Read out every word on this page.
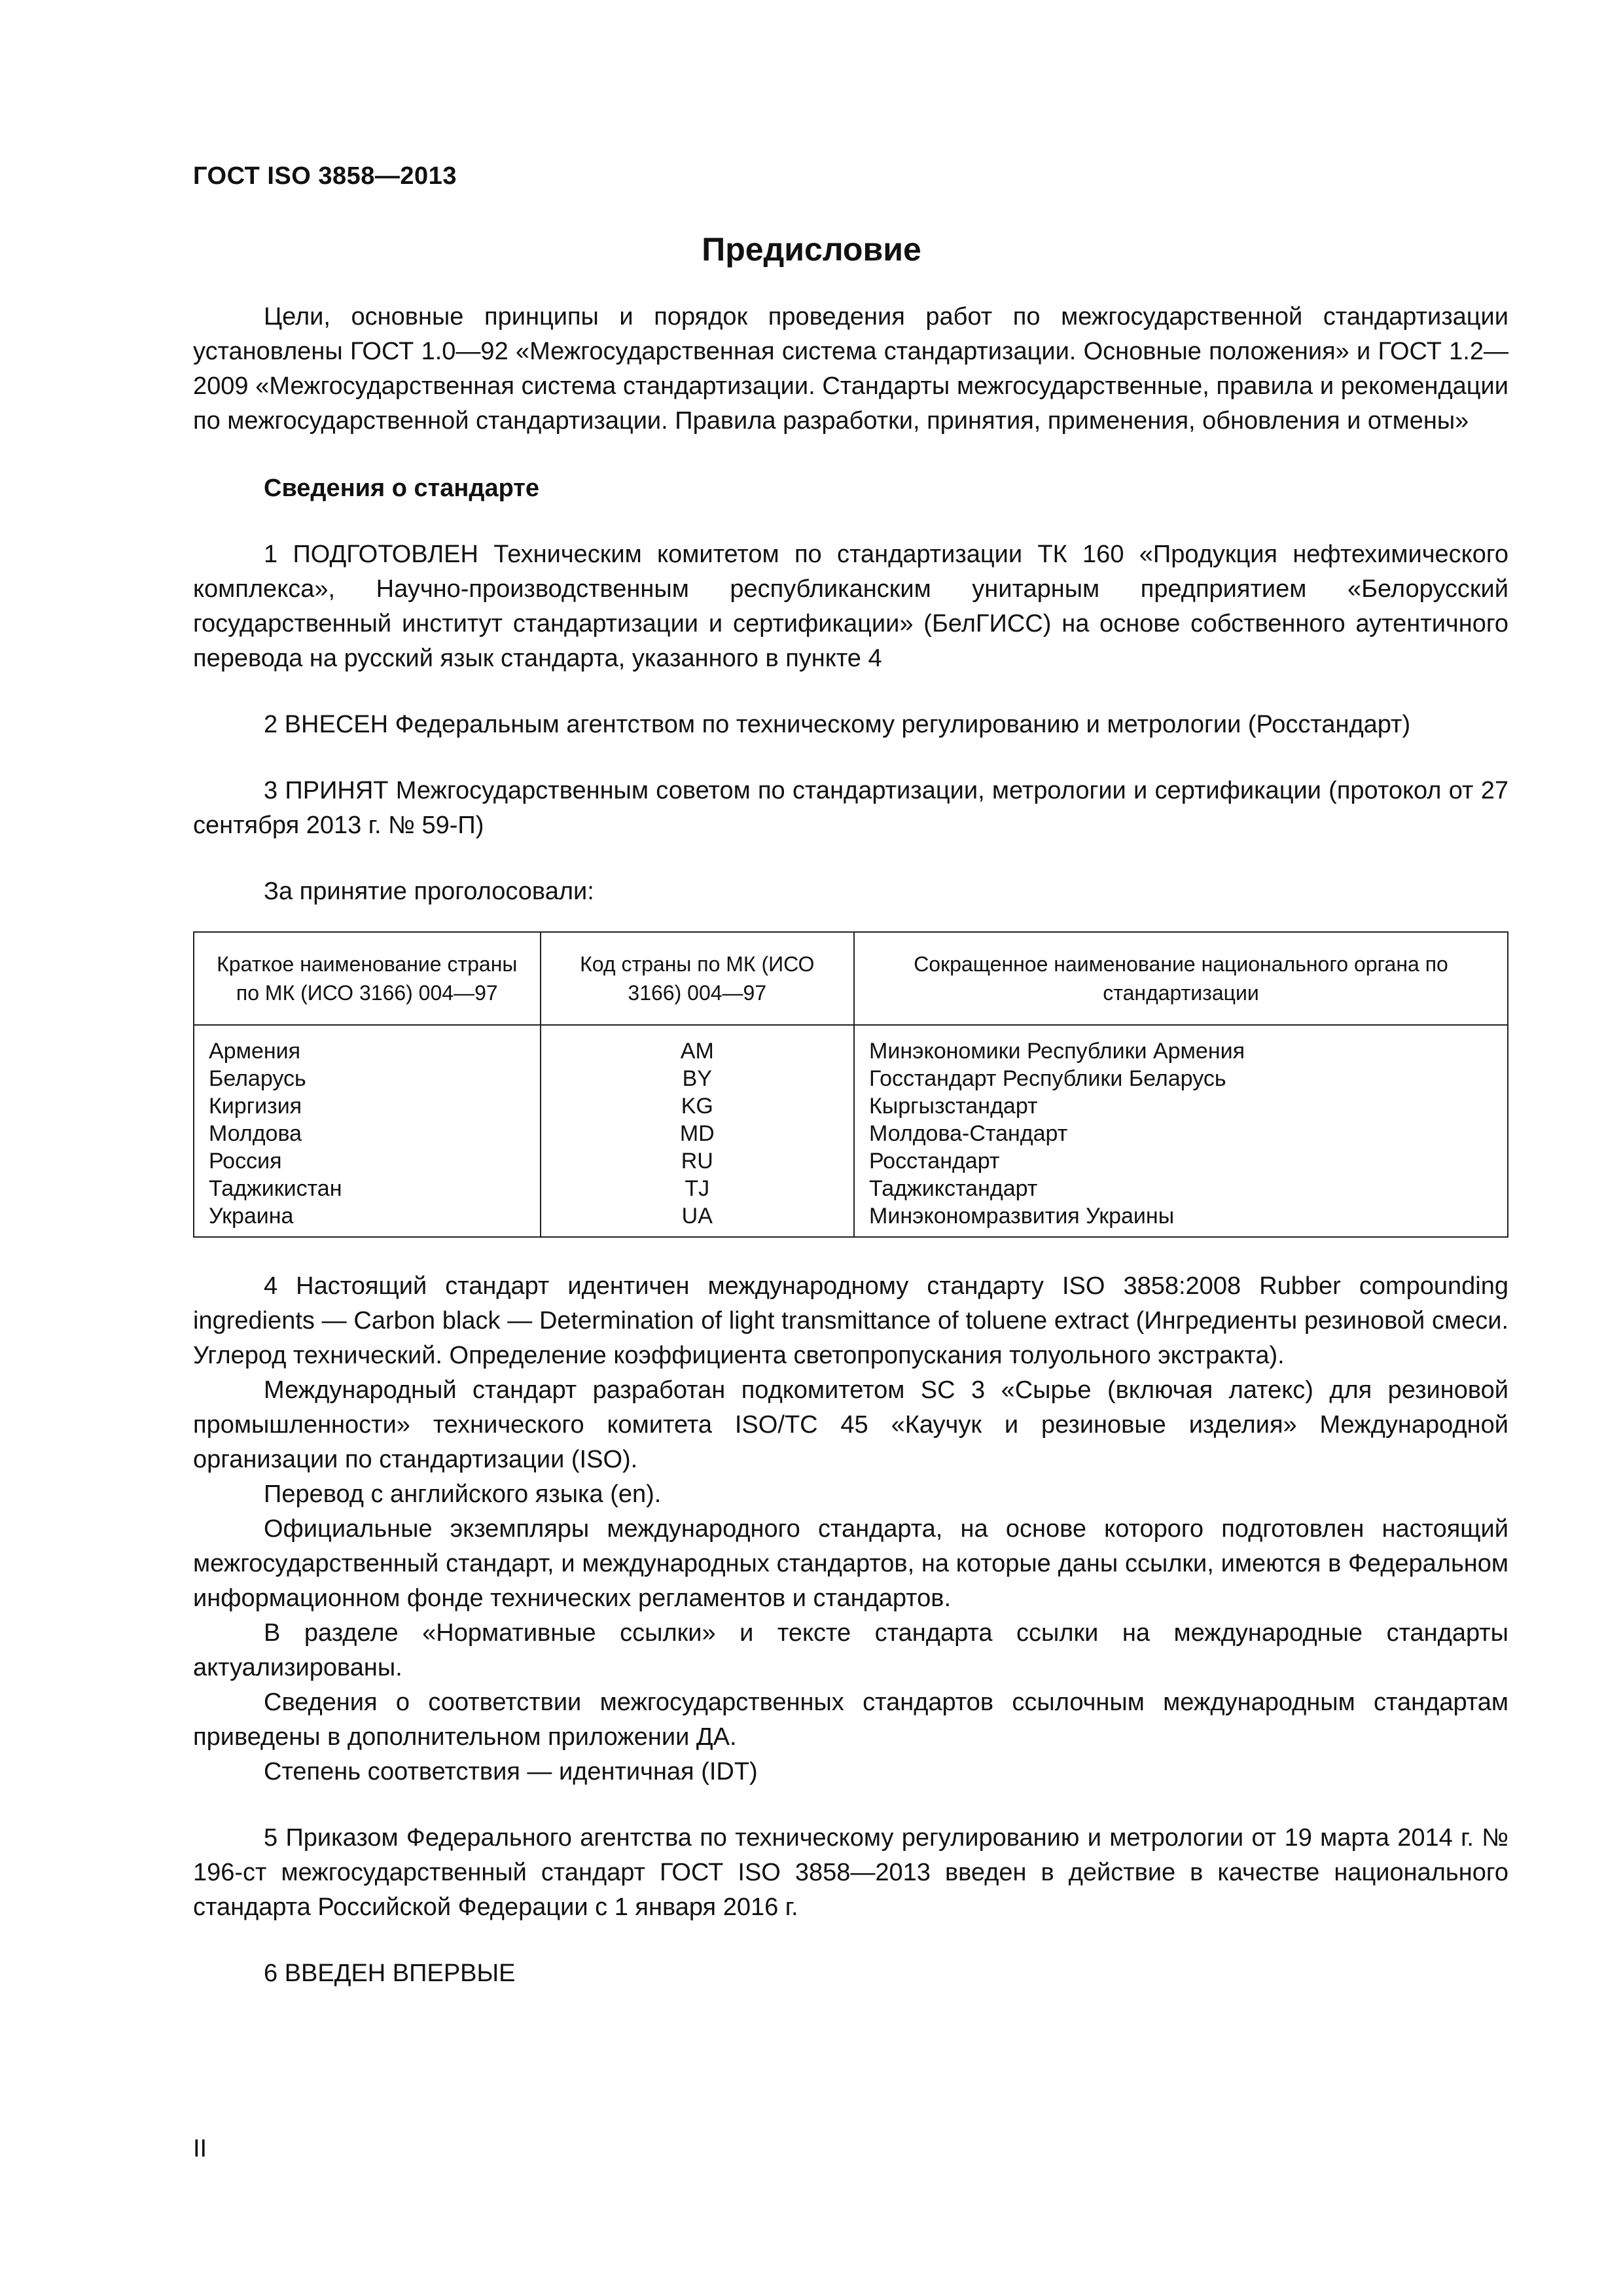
ГОСТ ISO 3858—2013
Предисловие

Цели, основные принципы и порядок проведения работ по межгосударственной стандартизации установлены ГОСТ 1.0—92 «Межгосударственная система стандартизации. Основные положения» и ГОСТ 1.2—2009 «Межгосударственная система стандартизации. Стандарты межгосударственные, правила и рекомендации по межгосударственной стандартизации. Правила разработки, принятия, применения, обновления и отмены»

Сведения о стандарте

1 ПОДГОТОВЛЕН Техническим комитетом по стандартизации ТК 160 «Продукция нефтехимического комплекса», Научно-производственным республиканским унитарным предприятием «Белорусский государственный институт стандартизации и сертификации» (БелГИСС) на основе собственного аутентичного перевода на русский язык стандарта, указанного в пункте 4

2 ВНЕСЕН Федеральным агентством по техническому регулированию и метрологии (Росстандарт)

3 ПРИНЯТ Межгосударственным советом по стандартизации, метрологии и сертификации (протокол от 27 сентября 2013 г. № 59-П)

За принятие проголосовали:

Краткое наименование страны по МК (ИСО 3166) 004—97	Код страны по МК (ИСО 3166) 004—97	Сокращенное наименование национального органа по стандартизации
Армения	AM	Минэкономики Республики Армения
Беларусь	BY	Госстандарт Республики Беларусь
Киргизия	KG	Кыргызстандарт
Молдова	MD	Молдова-Стандарт
Россия	RU	Росстандарт
Таджикистан	TJ	Таджикстандарт
Украина	UA	Минэкономразвития Украины

4 Настоящий стандарт идентичен международному стандарту ISO 3858:2008 Rubber compounding ingredients — Carbon black — Determination of light transmittance of toluene extract (Ингредиенты резиновой смеси. Углерод технический. Определение коэффициента светопропускания толуольного экстракта).

Международный стандарт разработан подкомитетом SC 3 «Сырье (включая латекс) для резиновой промышленности» технического комитета ISO/TC 45 «Каучук и резиновые изделия» Международной организации по стандартизации (ISO).

Перевод с английского языка (en).

Официальные экземпляры международного стандарта, на основе которого подготовлен настоящий межгосударственный стандарт, и международных стандартов, на которые даны ссылки, имеются в Федеральном информационном фонде технических регламентов и стандартов.

В разделе «Нормативные ссылки» и тексте стандарта ссылки на международные стандарты актуализированы.

Сведения о соответствии межгосударственных стандартов ссылочным международным стандартам приведены в дополнительном приложении ДА.

Степень соответствия — идентичная (IDT)

5 Приказом Федерального агентства по техническому регулированию и метрологии от 19 марта 2014 г. № 196-ст межгосударственный стандарт ГОСТ ISO 3858—2013 введен в действие в качестве национального стандарта Российской Федерации с 1 января 2016 г.

6 ВВЕДЕН ВПЕРВЫЕ

II
